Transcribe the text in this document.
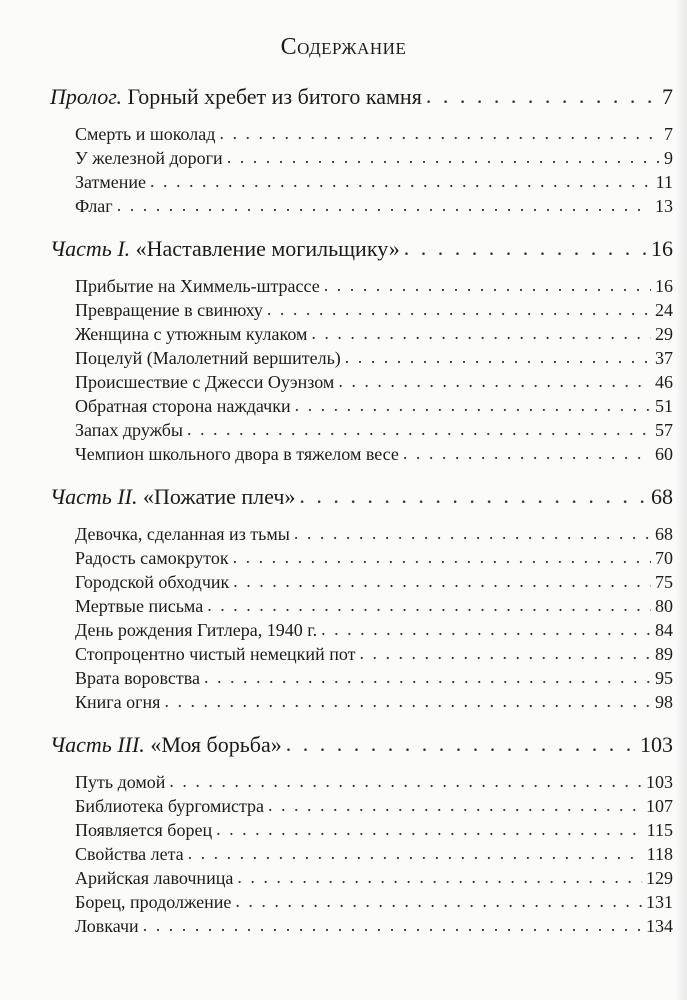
Содержание
Пролог. Горный хребет из битого камня . . .	7
Смерть и шоколад . . .	7
У железной дороги . . .	9
Затмение . . .	11
Флаг . . .	13
Часть I. «Наставление могильщику» . . .	16
Прибытие на Химмель-штрассе . . .	16
Превращение в свинюху . . .	24
Женщина с утюжным кулаком . . .	29
Поцелуй (Малолетний вершитель) . . .	37
Происшествие с Джесси Оуэнзом . . .	46
Обратная сторона наждачки . . .	51
Запах дружбы . . .	57
Чемпион школьного двора в тяжелом весе . . .	60
Часть II. «Пожатие плеч» . . .	68
Девочка, сделанная из тьмы . . .	68
Радость самокруток . . .	70
Городской обходчик . . .	75
Мертвые письма . . .	80
День рождения Гитлера, 1940 г. . . .	84
Стопроцентно чистый немецкий пот . . .	89
Врата воровства . . .	95
Книга огня . . .	98
Часть III. «Моя борьба» . . .	103
Путь домой . . .	103
Библиотека бургомистра . . .	107
Появляется борец . . .	115
Свойства лета . . .	118
Арийская лавочница . . .	129
Борец, продолжение . . .	131
Ловкачи . . .	134
